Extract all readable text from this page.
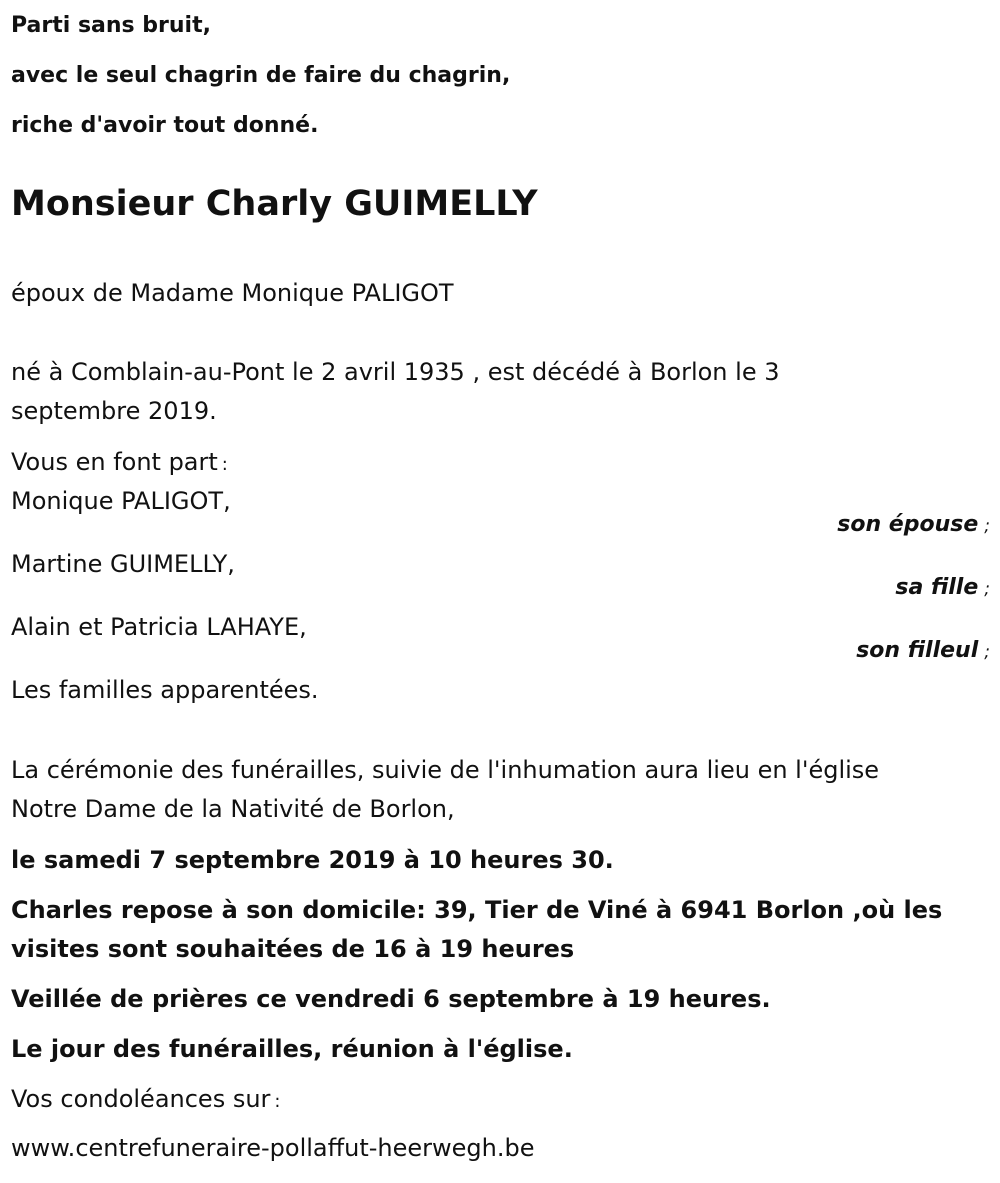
Parti sans bruit,
avec le seul chagrin de faire du chagrin,
riche d'avoir tout donné.
Monsieur Charly GUIMELLY
époux de Madame Monique PALIGOT
né à Comblain-au-Pont le 2 avril 1935 , est décédé à Borlon le 3
septembre 2019.
Vous en font part :
Monique PALIGOT,
son épouse ;
Martine GUIMELLY,
sa fille ;
Alain et Patricia LAHAYE,
son filleul ;
Les familles apparentées.
La cérémonie des funérailles, suivie de l'inhumation aura lieu en l'église
Notre Dame de la Nativité de Borlon,
le samedi 7 septembre 2019 à 10 heures 30.
Charles repose à son domicile: 39, Tier de Viné à 6941 Borlon ,où les
visites sont souhaitées de 16 à 19 heures
Veillée de prières ce vendredi 6 septembre à 19 heures.
Le jour des funérailles, réunion à l'église.
Vos condoléances sur :
www.centrefuneraire-pollaffut-heerwegh.be
